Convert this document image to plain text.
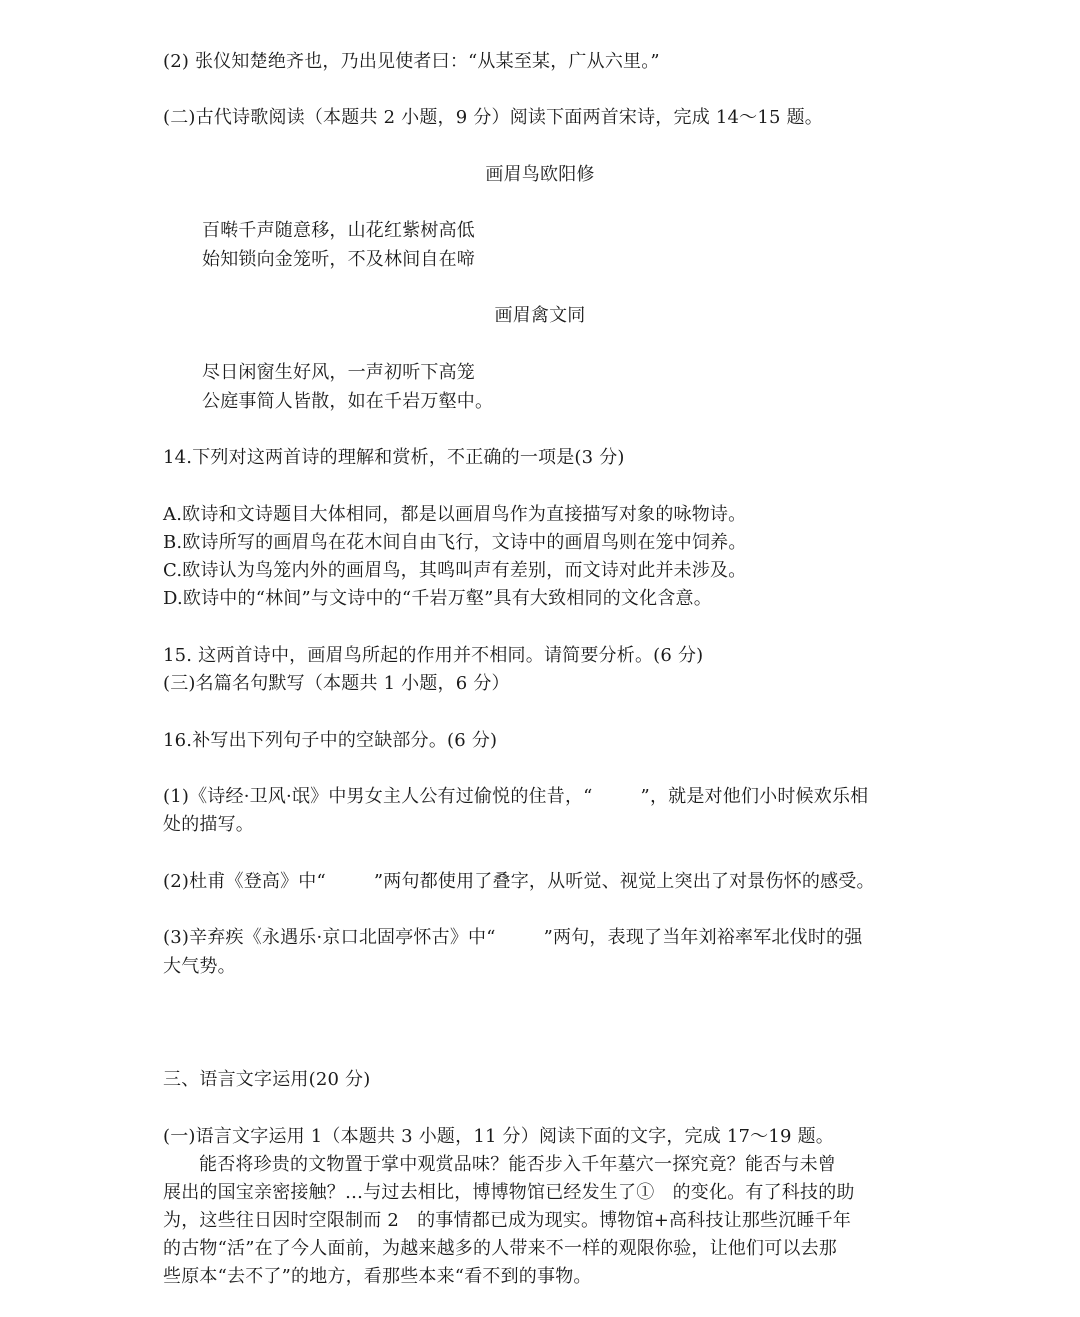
(2) 张仪知楚绝齐也，乃出见使者曰：“从某至某，广从六里。”
(二)古代诗歌阅读（本题共 2 小题，9 分）阅读下面两首宋诗，完成 14～15 题。
画眉鸟欧阳修
百啭千声随意移，山花红紫树高低
始知锁向金笼听，不及林间自在啼
画眉禽文同
尽日闲窗生好风，一声初听下高笼
公庭事简人皆散，如在千岩万壑中。
14.下列对这两首诗的理解和赏析，不正确的一项是(3 分)
A.欧诗和文诗题目大体相同，都是以画眉鸟作为直接描写对象的咏物诗。
B.欧诗所写的画眉鸟在花木间自由飞行，文诗中的画眉鸟则在笼中饲养。
C.欧诗认为鸟笼内外的画眉鸟，其鸣叫声有差别，而文诗对此并未涉及。
D.欧诗中的“林间”与文诗中的“千岩万壑”具有大致相同的文化含意。
15. 这两首诗中，画眉鸟所起的作用并不相同。请简要分析。(6 分)
(三)名篇名句默写（本题共 1 小题，6 分）
16.补写出下列句子中的空缺部分。(6 分)
(1)《诗经·卫风·氓》中男女主人公有过偷悦的住昔，“	”，就是对他们小时候欢乐相
处的描写。
(2)杜甫《登高》中“	”两句都使用了叠字，从听觉、视觉上突出了对景伤怀的感受。
(3)辛弃疾《永遇乐·京口北固亭怀古》中“	”两句，表现了当年刘裕率军北伐时的强
大气势。
三、语言文字运用(20 分)
(一)语言文字运用 1（本题共 3 小题，11 分）阅读下面的文字，完成 17～19 题。
能否将珍贵的文物置于掌中观赏品味？能否步入千年墓穴一探究竟？能否与未曾
展出的国宝亲密接触？…与过去相比，博博物馆已经发生了①　的变化。有了科技的助
为，这些往日因时空限制而 2　的事情都已成为现实。博物馆+高科技让那些沉睡千年
的古物“活”在了今人面前，为越来越多的人带来不一样的观限你验，让他们可以去那
些原本“去不了”的地方，看那些本来“看不到的事物。
